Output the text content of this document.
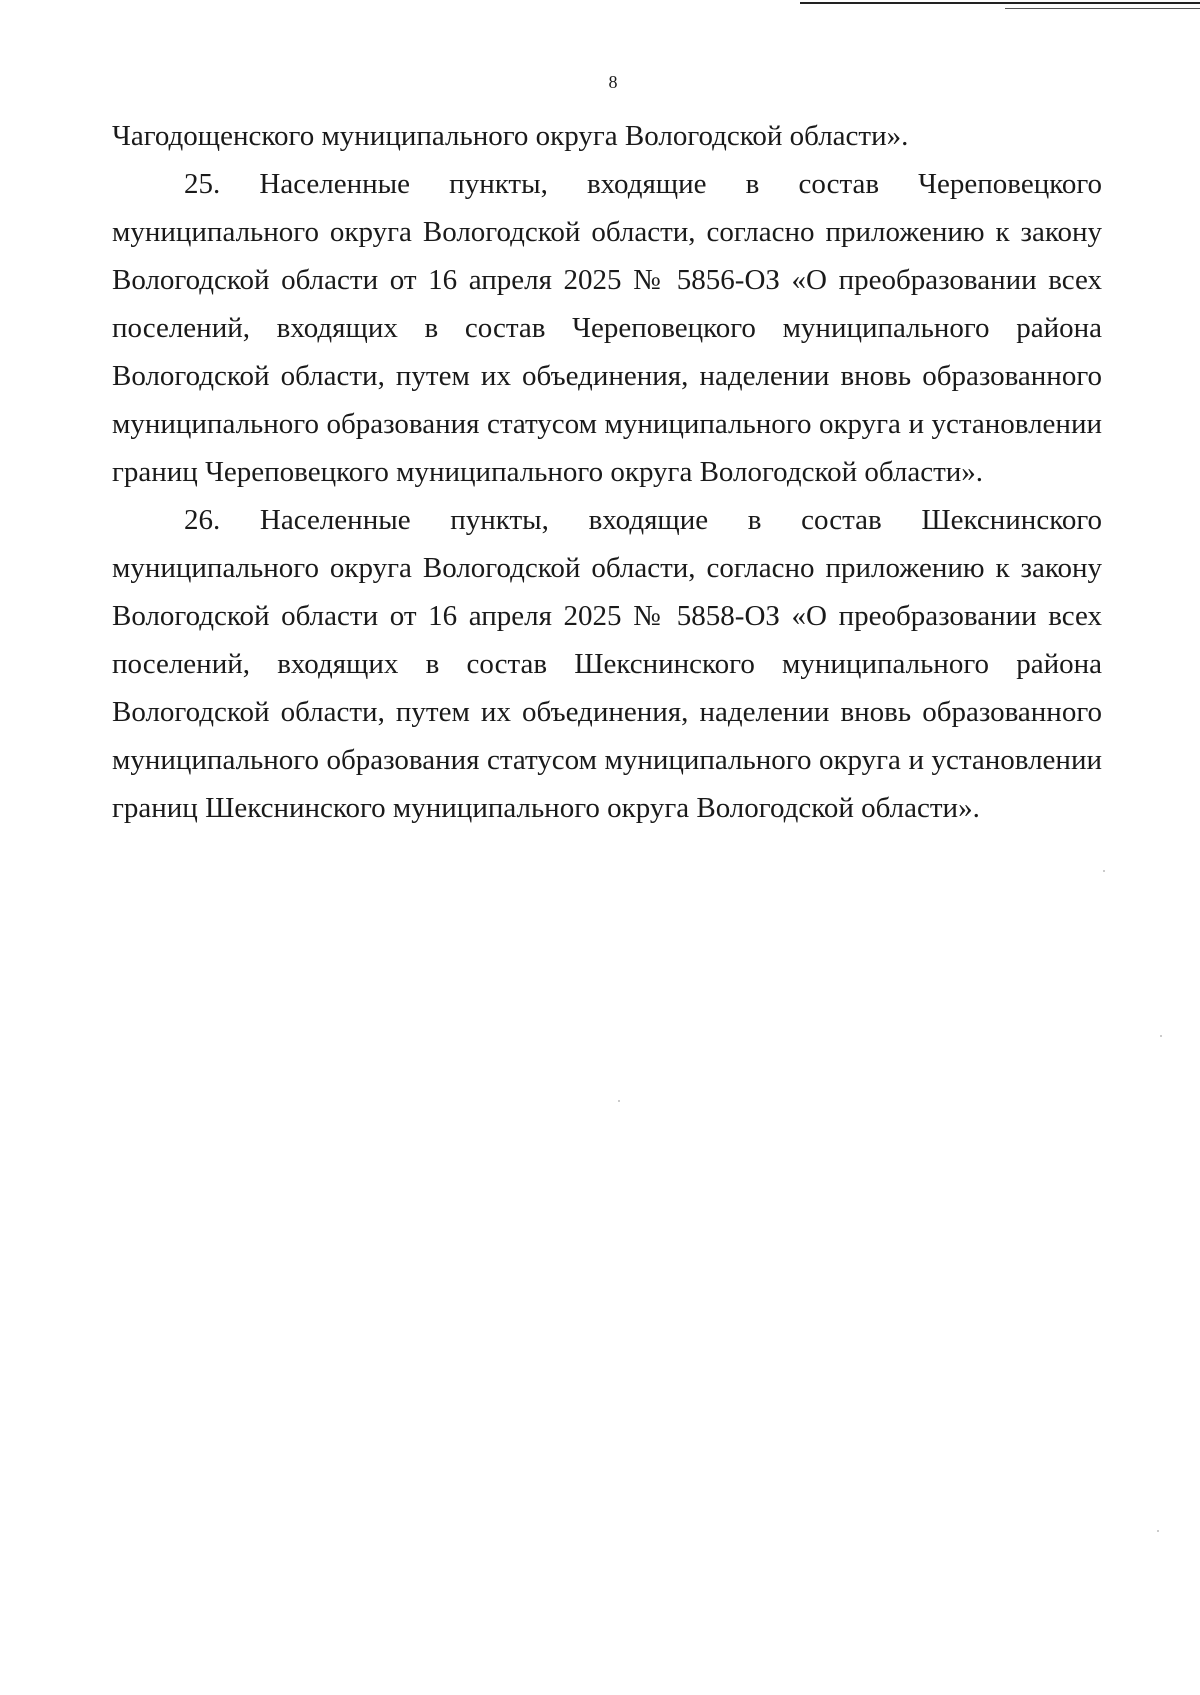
8

Чагодощенского муниципального округа Вологодской области».

25. Населенные пункты, входящие в состав Череповецкого муниципального округа Вологодской области, согласно приложению к закону Вологодской области от 16 апреля 2025 № 5856-ОЗ «О преобразовании всех поселений, входящих в состав Череповецкого муниципального района Вологодской области, путем их объединения, наделении вновь образованного муниципального образования статусом муниципального округа и установлении границ Череповецкого муниципального округа Вологодской области».

26. Населенные пункты, входящие в состав Шекснинского муниципального округа Вологодской области, согласно приложению к закону Вологодской области от 16 апреля 2025 № 5858-ОЗ «О преобразовании всех поселений, входящих в состав Шекснинского муниципального района Вологодской области, путем их объединения, наделении вновь образованного муниципального образования статусом муниципального округа и установлении границ Шекснинского муниципального округа Вологодской области».
